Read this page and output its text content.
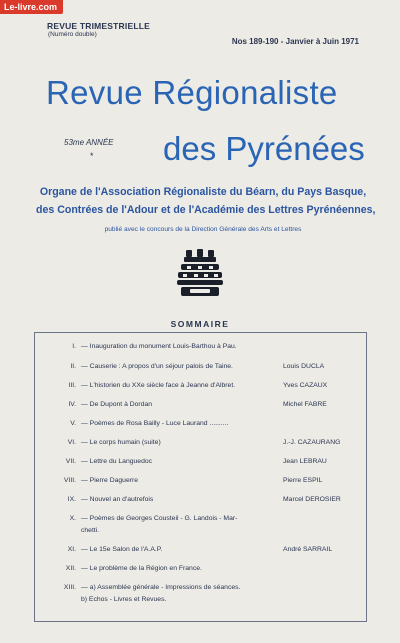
Le-livre.com
REVUE TRIMESTRIELLE
(Numéro double)
Nos 189-190 - Janvier à Juin 1971
Revue Régionaliste
53me ANNÉE
* des Pyrénées
Organe de l'Association Régionaliste du Béarn, du Pays Basque,
des Contrées de l'Adour et de l'Académie des Lettres Pyrénéennes,
publié avec le concours de la Direction Générale des Arts et Lettres
SOMMAIRE
I. — Inauguration du monument Louis-Barthou à Pau.
II. — Causerie : A propos d'un séjour palois de Taine.	Louis DUCLA
III. — L'historien du XXe siècle face à Jeanne d'Albret.	Yves CAZAUX
IV. — De Dupont à Dordan	Michel FABRE
V. — Poèmes de Rosa Bailly - Luce Laurand ..........
VI. — Le corps humain (suite)	J.-J. CAZAURANG
VII. — Lettre du Languedoc	Jean LEBRAU
VIII. — Pierre Daguerre	Pierre ESPIL
IX. — Nouvel an d'autrefois	Marcel DEROSIER
X. — Poèmes de Georges Cousteil - G. Landois - Mar-
chetti.
XI. — Le 15e Salon de l'A.A.P.	André SARRAIL
XII. — Le problème de la Région en France.
XIII. — a) Assemblée générale - Impressions de séances.
b) Echos - Livres et Revues.
